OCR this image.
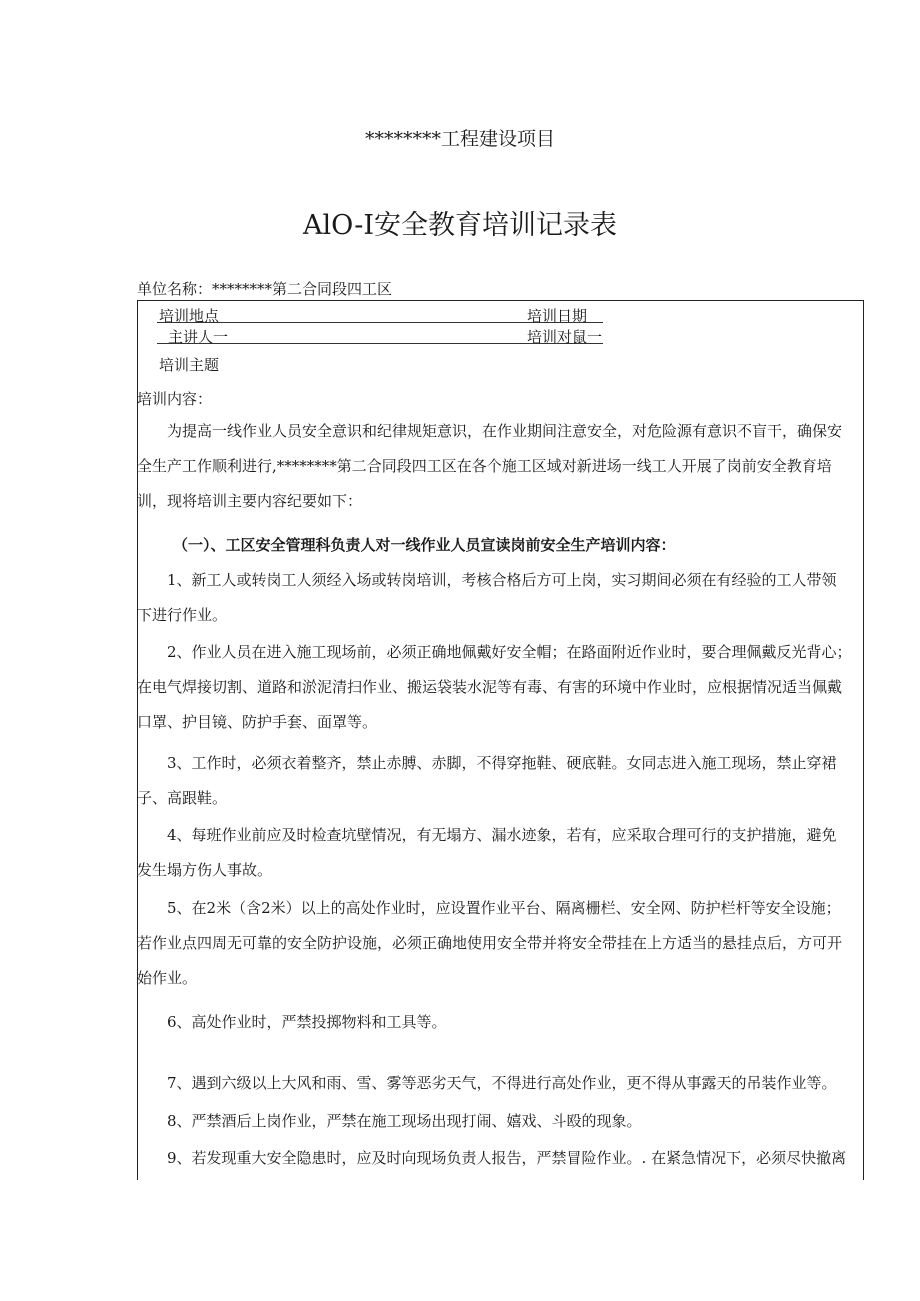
********工程建设项目
AlO-I安全教育培训记录表
单位名称：********第二合同段四工区
培训地点	培训日期
主讲人一	培训对鼠一
培训主题
培训内容：
为提高一线作业人员安全意识和纪律规矩意识，在作业期间注意安全，对危险源有意识不盲干，确保安
全生产工作顺利进行,********第二合同段四工区在各个施工区域对新进场一线工人开展了岗前安全教育培
训，现将培训主要内容纪要如下：
（一）、工区安全管理科负责人对一线作业人员宣读岗前安全生产培训内容：
1、新工人或转岗工人须经入场或转岗培训，考核合格后方可上岗，实习期间必须在有经验的工人带领
下进行作业。
2、作业人员在进入施工现场前，必须正确地佩戴好安全帽；在路面附近作业时，要合理佩戴反光背心；
在电气焊接切割、道路和淤泥清扫作业、搬运袋装水泥等有毒、有害的环境中作业时，应根据情况适当佩戴
口罩、护目镜、防护手套、面罩等。
3、工作时，必须衣着整齐，禁止赤膊、赤脚，不得穿拖鞋、硬底鞋。女同志进入施工现场，禁止穿裙
子、高跟鞋。
4、每班作业前应及时检查坑壁情况，有无塌方、漏水迹象，若有，应采取合理可行的支护措施，避免
发生塌方伤人事故。
5、在2米（含2米）以上的高处作业时，应设置作业平台、隔离栅栏、安全网、防护栏杆等安全设施；
若作业点四周无可靠的安全防护设施，必须正确地使用安全带并将安全带挂在上方适当的悬挂点后，方可开
始作业。
6、高处作业时，严禁投掷物料和工具等。
7、遇到六级以上大风和雨、雪、雾等恶劣天气，不得进行高处作业，更不得从事露天的吊装作业等。
8、严禁酒后上岗作业，严禁在施工现场出现打闹、嬉戏、斗殴的现象。
9、若发现重大安全隐患时，应及时向现场负责人报告，严禁冒险作业。. 在紧急情况下，必须尽快撤离
